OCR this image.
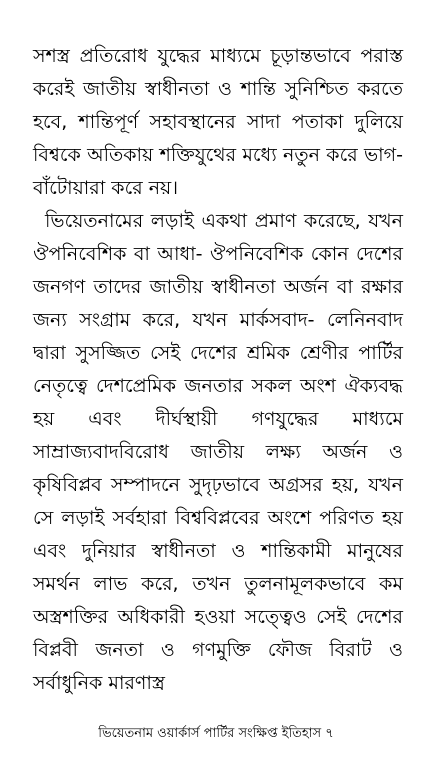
সশস্ত্র প্রতিরোধ যুদ্ধের মাধ্যমে চূড়ান্তভাবে পরাস্ত করেই জাতীয় স্বাধীনতা ও শান্তি সুনিশ্চিত করতে হবে, শান্তিপূর্ণ সহাবস্থানের সাদা পতাকা দুলিয়ে বিশ্বকে অতিকায় শক্তিযুথের মধ্যে নতুন করে ভাগ- বাঁটোয়ারা করে নয়।

ভিয়েতনামের লড়াই একথা প্রমাণ করেছে, যখন ঔপনিবেশিক বা আধা- ঔপনিবেশিক কোন দেশের জনগণ তাদের জাতীয় স্বাধীনতা অর্জন বা রক্ষার জন্য সংগ্রাম করে, যখন মার্কসবাদ- লেনিনবাদ দ্বারা সুসজ্জিত সেই দেশের শ্রমিক শ্রেণীর পার্টির নেতৃত্বে দেশপ্রেমিক জনতার সকল অংশ ঐক্যবদ্ধ হয় এবং দীর্ঘস্থায়ী গণযুদ্ধের মাধ্যমে সাম্রাজ্যবাদবিরোধ জাতীয় লক্ষ্য অর্জন ও কৃষিবিপ্লব সম্পাদনে সুদৃঢ়ভাবে অগ্রসর হয়, যখন সে লড়াই সর্বহারা বিশ্ববিপ্লবের অংশে পরিণত হয় এবং দুনিয়ার স্বাধীনতা ও শান্তিকামী মানুষের সমর্থন লাভ করে, তখন তুলনামূলকভাবে কম অস্ত্রশক্তির অধিকারী হওয়া সত্ত্বেও সেই দেশের বিপ্লবী জনতা ও গণমুক্তি ফৌজ বিরাট ও সর্বাধুনিক মারণাস্ত্র

ভিয়েতনাম ওয়ার্কার্স পার্টির সংক্ষিপ্ত ইতিহাস ৭
